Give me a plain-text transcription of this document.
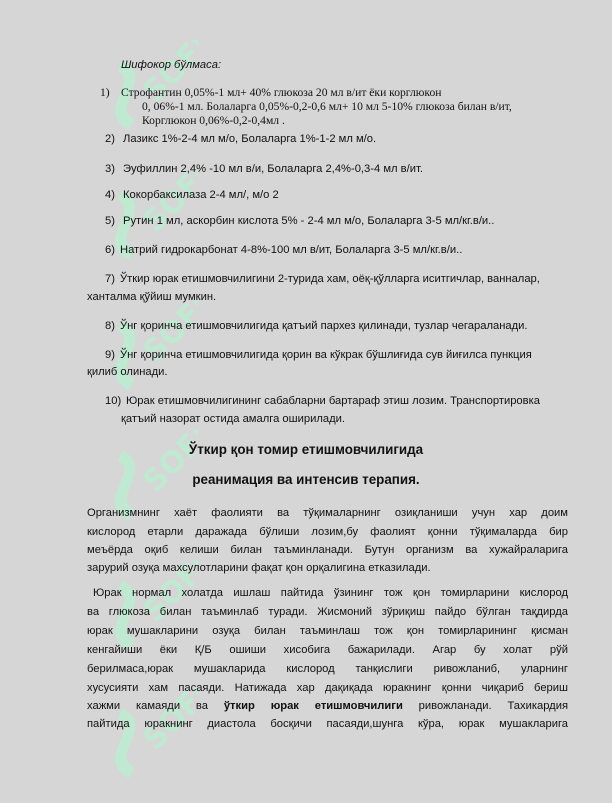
SOFF
SOFF
SOFF
SOFF
SOFF
SOFF
Шифокор бўлмаса:
1) Строфантин 0,05%-1 мл+ 40% глюкоза 20 мл в/ит ёки корглюкон
0, 06%-1 мл. Болаларга 0,05%-0,2-0,6 мл+ 10 мл 5-10% глюкоза билан в/ит,
Корглюкон 0,06%-0,2-0,4мл .
2) Лазикс 1%-2-4 мл м/о, Болаларга 1%-1-2 мл м/о.
3) Эуфиллин 2,4% -10 мл в/и, Болаларга 2,4%-0,3-4 мл в/ит.
4) Кокорбаксилаза 2-4 мл/, м/о 2
5) Рутин 1 мл, аскорбин кислота 5% - 2-4 мл м/о, Болаларга 3-5 мл/кг.в/и..
6) Натрий гидрокарбонат 4-8%-100 мл в/ит, Болаларга 3-5 мл/кг.в/и..
7) Ўткир юрак етишмовчилигини 2-турида хам, оёқ-қўлларга иситгичлар, ванналар,
ханталма қўйиш мумкин.
8) Ўнг қоринча етишмовчилигида қатъий пархез қилинади, тузлар чегараланади.
9) Ўнг қоринча етишмовчилигида қорин ва кўкрак бўшлиғида сув йиғилса пункция
қилиб олинади.
10) Юрак етишмовчилигининг сабабларни бартараф этиш лозим. Транспортировка
қатъий назорат остида амалга оширилади.
Ўткир қон томир етишмовчилигида
реанимация ва интенсив терапия.
Организмнинг хаёт фаолияти ва тўқималарнинг озиқланиши учун хар доим
кислород етарли даражада бўлиши лозим,бу фаолият қонни тўқималарда бир
меъёрда оқиб келиши билан таъминланади. Бутун организм ва хужайраларига
зарурий озуқа махсулотларини фақат қон орқалигина етказилади.
Юрак нормал холатда ишлаш пайтида ўзининг тож қон томирларини кислород
ва глюкоза билан таъминлаб туради. Жисмоний зўриқиш пайдо бўлган тақдирда
юрак мушакларини озуқа билан таъминлаш тож қон томирларининг қисман
кенгайиши ёки Қ/Б ошиши хисобига бажарилади. Агар бу холат рўй
берилмаса,юрак мушакларида кислород танқислиги ривожланиб, уларнинг
хусусияти хам пасаяди. Натижада хар дақиқада юракнинг қонни чиқариб бериш
хажми камаяди ва ўткир юрак етишмовчилиги ривожланади. Тахикардия
пайтида юракнинг диастола босқичи пасаяди,шунга кўра, юрак мушакларига
